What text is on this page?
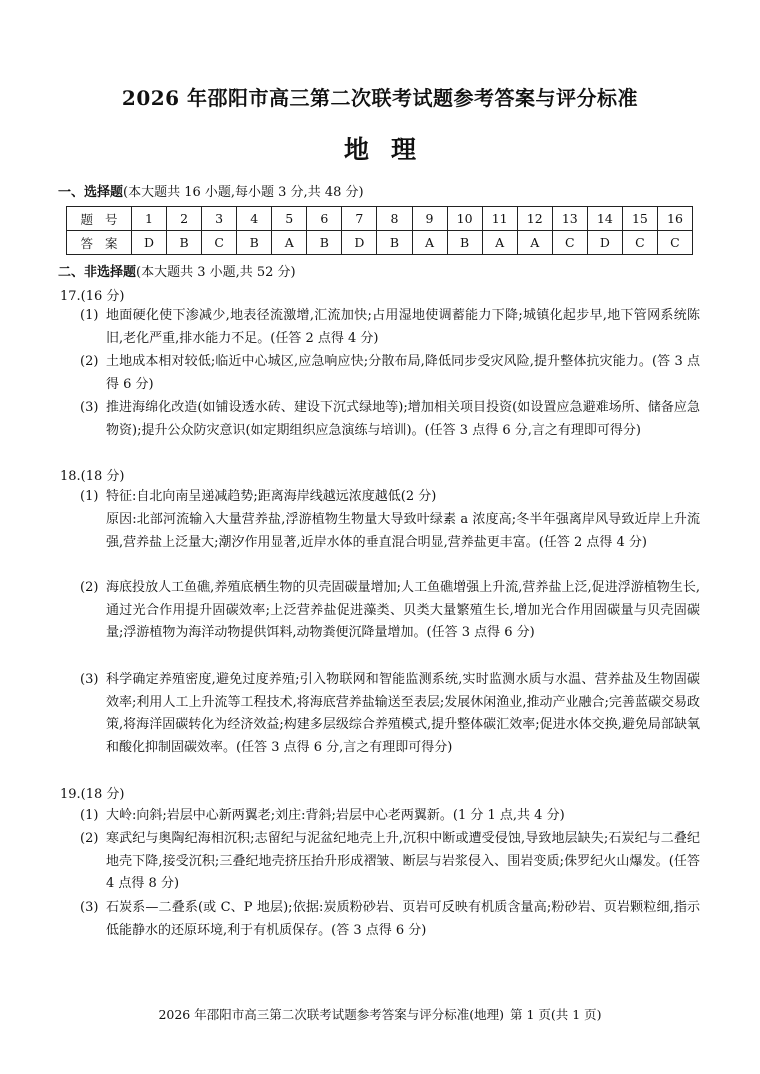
2026 年邵阳市高三第二次联考试题参考答案与评分标准
地理
一、选择题(本大题共 16 小题,每小题 3 分,共 48 分)
题号	1	2	3	4	5	6	7	8	9	10	11	12	13	14	15	16
答案	D	B	C	B	A	B	D	B	A	B	A	A	C	D	C	C
二、非选择题(本大题共 3 小题,共 52 分)
17.(16 分)
(1) 地面硬化使下渗减少,地表径流激增,汇流加快;占用湿地使调蓄能力下降;城镇化起步早,地下管网系统陈旧,老化严重,排水能力不足。(任答 2 点得 4 分)
(2) 土地成本相对较低;临近中心城区,应急响应快;分散布局,降低同步受灾风险,提升整体抗灾能力。(答 3 点得 6 分)
(3) 推进海绵化改造(如铺设透水砖、建设下沉式绿地等);增加相关项目投资(如设置应急避难场所、储备应急物资);提升公众防灾意识(如定期组织应急演练与培训)。(任答 3 点得 6 分,言之有理即可得分)
18.(18 分)
(1) 特征:自北向南呈递减趋势;距离海岸线越远浓度越低(2 分)
原因:北部河流输入大量营养盐,浮游植物生物量大导致叶绿素 a 浓度高;冬半年强离岸风导致近岸上升流强,营养盐上泛量大;潮汐作用显著,近岸水体的垂直混合明显,营养盐更丰富。(任答 2 点得 4 分)
(2) 海底投放人工鱼礁,养殖底栖生物的贝壳固碳量增加;人工鱼礁增强上升流,营养盐上泛,促进浮游植物生长,通过光合作用提升固碳效率;上泛营养盐促进藻类、贝类大量繁殖生长,增加光合作用固碳量与贝壳固碳量;浮游植物为海洋动物提供饵料,动物粪便沉降量增加。(任答 3 点得 6 分)
(3) 科学确定养殖密度,避免过度养殖;引入物联网和智能监测系统,实时监测水质与水温、营养盐及生物固碳效率;利用人工上升流等工程技术,将海底营养盐输送至表层;发展休闲渔业,推动产业融合;完善蓝碳交易政策,将海洋固碳转化为经济效益;构建多层级综合养殖模式,提升整体碳汇效率;促进水体交换,避免局部缺氧和酸化抑制固碳效率。(任答 3 点得 6 分,言之有理即可得分)
19.(18 分)
(1) 大岭:向斜;岩层中心新两翼老;刘庄:背斜;岩层中心老两翼新。(1 分 1 点,共 4 分)
(2) 寒武纪与奥陶纪海相沉积;志留纪与泥盆纪地壳上升,沉积中断或遭受侵蚀,导致地层缺失;石炭纪与二叠纪地壳下降,接受沉积;三叠纪地壳挤压抬升形成褶皱、断层与岩浆侵入、围岩变质;侏罗纪火山爆发。(任答 4 点得 8 分)
(3) 石炭系—二叠系(或 C、P 地层);依据:炭质粉砂岩、页岩可反映有机质含量高;粉砂岩、页岩颗粒细,指示低能静水的还原环境,利于有机质保存。(答 3 点得 6 分)
2026 年邵阳市高三第二次联考试题参考答案与评分标准(地理) 第 1 页(共 1 页)
